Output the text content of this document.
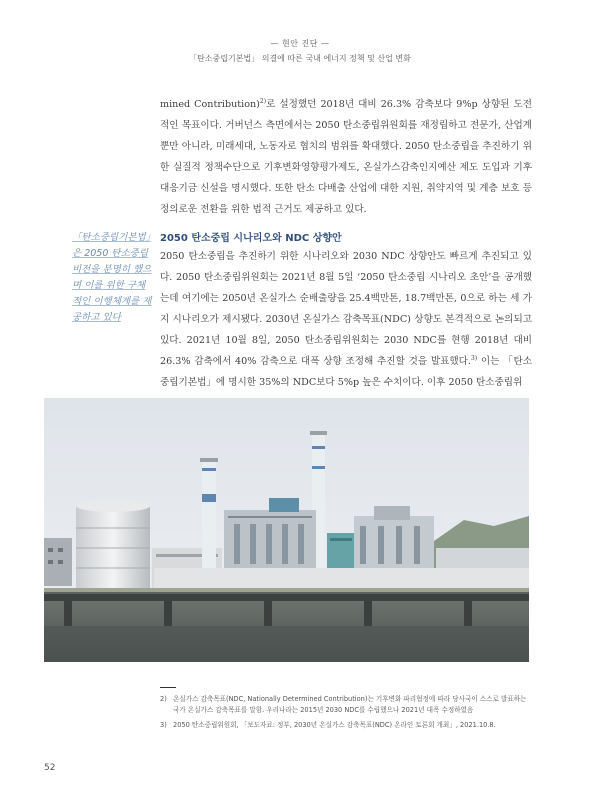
— 현안 진단 —
「탄소중립기본법」 의결에 따른 국내 에너지 정책 및 산업 변화

mined Contribution)$^{2)}$로 설정했던 2018년 대비 26.3% 감축보다 9%p 상향된 도전적인 목표이다. 거버넌스 측면에서는 2050 탄소중립위원회를 재정립하고 전문가, 산업계뿐만 아니라, 미래세대, 노동자로 협치의 범위를 확대했다. 2050 탄소중립을 추진하기 위한 실질적 정책수단으로 기후변화영향평가제도, 온실가스감축인지예산 제도 도입과 기후대응기금 신설을 명시했다. 또한 탄소 다배출 산업에 대한 지원, 취약지역 및 계층 보호 등 정의로운 전환을 위한 법적 근거도 제공하고 있다.

「탄소중립기본법」은 2050 탄소중립 비전을 분명히 했으며 이를 위한 구체적인 이행체계를 제공하고 있다
2050 탄소중립 시나리오와 NDC 상향안

2050 탄소중립을 추진하기 위한 시나리오와 2030 NDC 상향안도 빠르게 추진되고 있다. 2050 탄소중립위원회는 2021년 8월 5일 ‘2050 탄소중립 시나리오 초안’을 공개했는데 여기에는 2050년 온실가스 순배출량을 25.4백만톤, 18.7백만톤, 0으로 하는 세 가지 시나리오가 제시됐다. 2030년 온실가스 감축목표(NDC) 상향도 본격적으로 논의되고 있다. 2021년 10월 8일, 2050 탄소중립위원회는 2030 NDC를 현행 2018년 대비 26.3% 감축에서 40% 감축으로 대폭 상향 조정해 추진할 것을 발표했다.$^{3)}$ 이는 「탄소중립기본법」에 명시한 35%의 NDC보다 5%p 높은 수치이다. 이후 2050 탄소중립위

2) 온실가스 감축목표(NDC, Nationally Determined Contribution)는 기후변화 파리협정에 따라 당사국이 스스로 발표하는 국가 온실가스 감축목표를 말함. 우리나라는 2015년 2030 NDC를 수립했으나 2021년 대폭 수정하였음
3) 2050 탄소중립위원회, 「보도자료: 정부, 2030년 온실가스 감축목표(NDC) 온라인 토론회 개최」, 2021.10.8.
52
